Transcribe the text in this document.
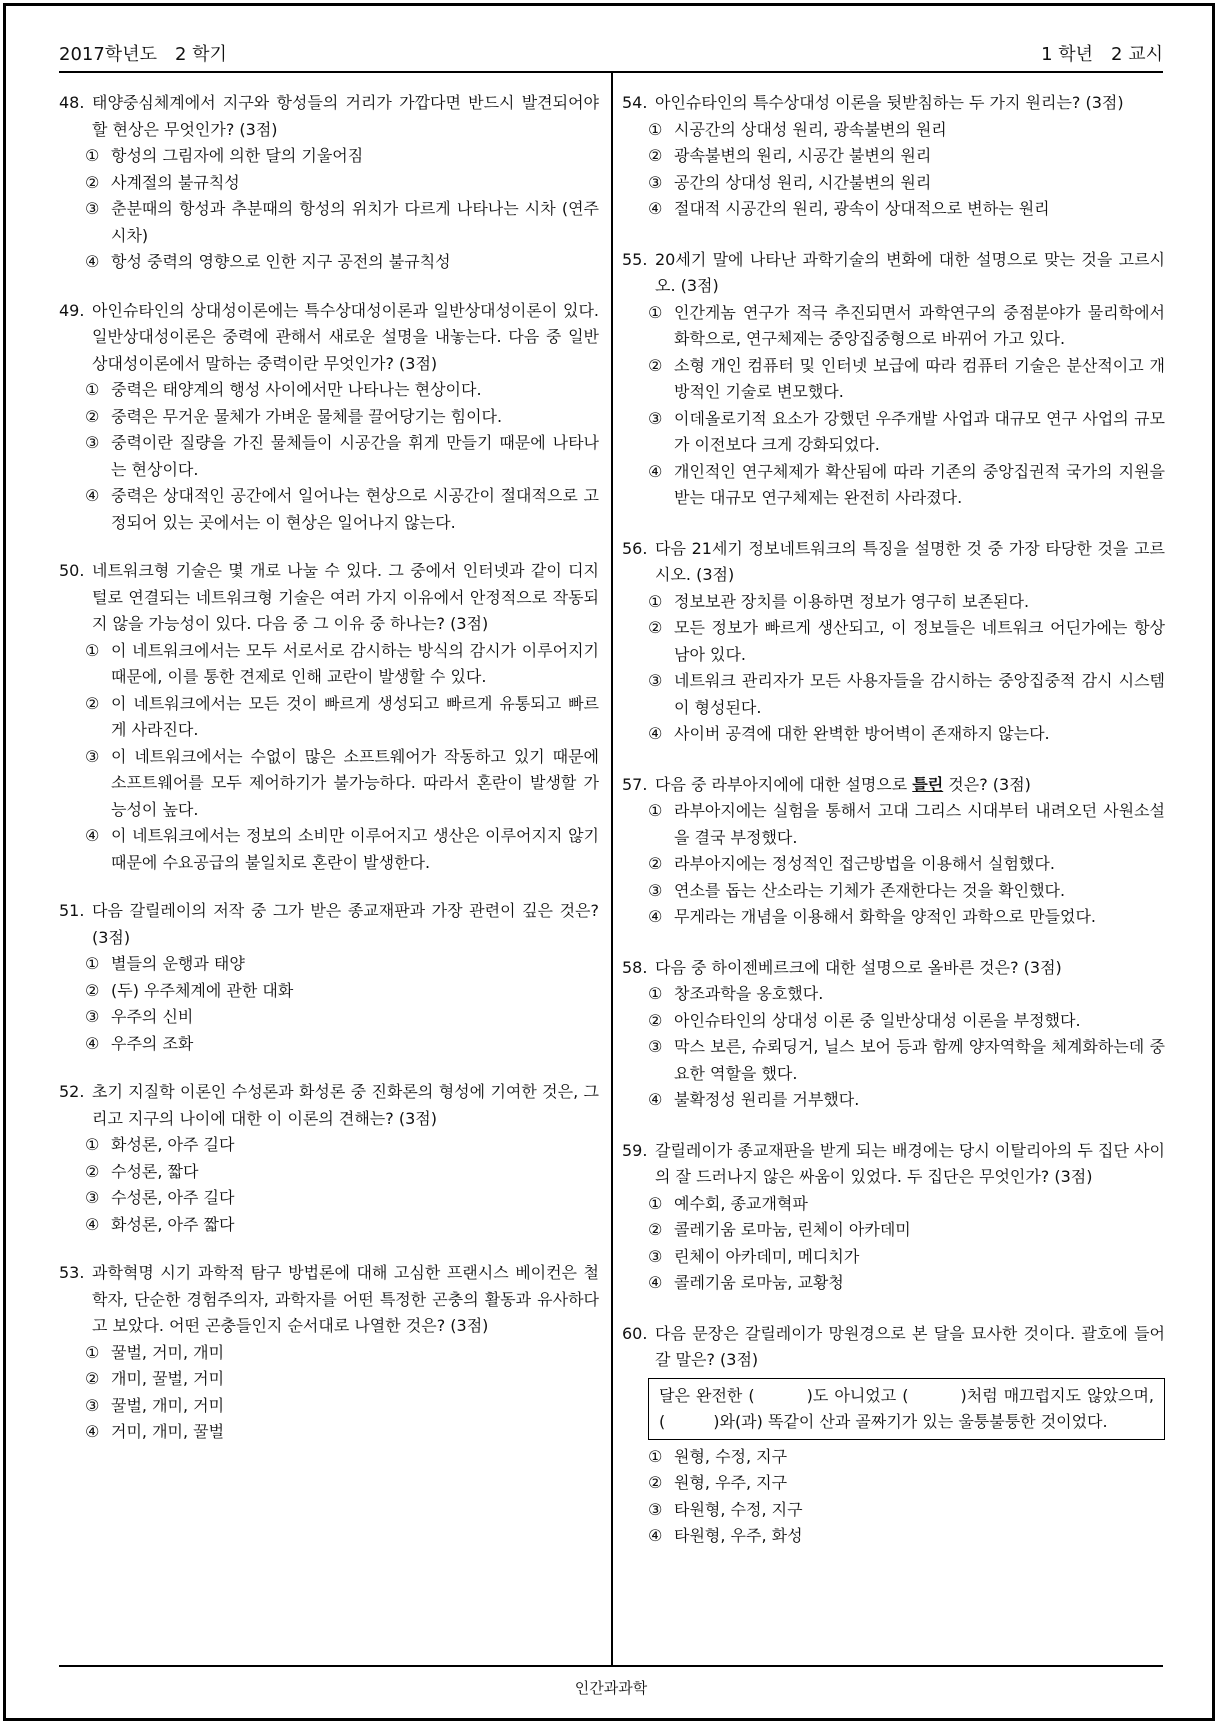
2017학년도 2 학기	1 학년 2 교시
48. 태양중심체계에서 지구와 항성들의 거리가 가깝다면 반드시 발견되어야 할 현상은 무엇인가? (3점)
① 항성의 그림자에 의한 달의 기울어짐
② 사계절의 불규칙성
③ 춘분때의 항성과 추분때의 항성의 위치가 다르게 나타나는 시차 (연주시차)
④ 항성 중력의 영향으로 인한 지구 공전의 불규칙성
49. 아인슈타인의 상대성이론에는 특수상대성이론과 일반상대성이론이 있다. 일반상대성이론은 중력에 관해서 새로운 설명을 내놓는다. 다음 중 일반상대성이론에서 말하는 중력이란 무엇인가? (3점)
① 중력은 태양계의 행성 사이에서만 나타나는 현상이다.
② 중력은 무거운 물체가 가벼운 물체를 끌어당기는 힘이다.
③ 중력이란 질량을 가진 물체들이 시공간을 휘게 만들기 때문에 나타나는 현상이다.
④ 중력은 상대적인 공간에서 일어나는 현상으로 시공간이 절대적으로 고정되어 있는 곳에서는 이 현상은 일어나지 않는다.
50. 네트워크형 기술은 몇 개로 나눌 수 있다. 그 중에서 인터넷과 같이 디지털로 연결되는 네트워크형 기술은 여러 가지 이유에서 안정적으로 작동되지 않을 가능성이 있다. 다음 중 그 이유 중 하나는? (3점)
① 이 네트워크에서는 모두 서로서로 감시하는 방식의 감시가 이루어지기 때문에, 이를 통한 견제로 인해 교란이 발생할 수 있다.
② 이 네트워크에서는 모든 것이 빠르게 생성되고 빠르게 유통되고 빠르게 사라진다.
③ 이 네트워크에서는 수없이 많은 소프트웨어가 작동하고 있기 때문에 소프트웨어를 모두 제어하기가 불가능하다. 따라서 혼란이 발생할 가능성이 높다.
④ 이 네트워크에서는 정보의 소비만 이루어지고 생산은 이루어지지 않기 때문에 수요공급의 불일치로 혼란이 발생한다.
51. 다음 갈릴레이의 저작 중 그가 받은 종교재판과 가장 관련이 깊은 것은? (3점)
① 별들의 운행과 태양
② (두) 우주체계에 관한 대화
③ 우주의 신비
④ 우주의 조화
52. 초기 지질학 이론인 수성론과 화성론 중 진화론의 형성에 기여한 것은, 그리고 지구의 나이에 대한 이 이론의 견해는? (3점)
① 화성론, 아주 길다
② 수성론, 짧다
③ 수성론, 아주 길다
④ 화성론, 아주 짧다
53. 과학혁명 시기 과학적 탐구 방법론에 대해 고심한 프랜시스 베이컨은 철학자, 단순한 경험주의자, 과학자를 어떤 특정한 곤충의 활동과 유사하다고 보았다. 어떤 곤충들인지 순서대로 나열한 것은? (3점)
① 꿀벌, 거미, 개미
② 개미, 꿀벌, 거미
③ 꿀벌, 개미, 거미
④ 거미, 개미, 꿀벌
54. 아인슈타인의 특수상대성 이론을 뒷받침하는 두 가지 원리는? (3점)
① 시공간의 상대성 원리, 광속불변의 원리
② 광속불변의 원리, 시공간 불변의 원리
③ 공간의 상대성 원리, 시간불변의 원리
④ 절대적 시공간의 원리, 광속이 상대적으로 변하는 원리
55. 20세기 말에 나타난 과학기술의 변화에 대한 설명으로 맞는 것을 고르시오. (3점)
① 인간게놈 연구가 적극 추진되면서 과학연구의 중점분야가 물리학에서 화학으로, 연구체제는 중앙집중형으로 바뀌어 가고 있다.
② 소형 개인 컴퓨터 및 인터넷 보급에 따라 컴퓨터 기술은 분산적이고 개방적인 기술로 변모했다.
③ 이데올로기적 요소가 강했던 우주개발 사업과 대규모 연구 사업의 규모가 이전보다 크게 강화되었다.
④ 개인적인 연구체제가 확산됨에 따라 기존의 중앙집권적 국가의 지원을 받는 대규모 연구체제는 완전히 사라졌다.
56. 다음 21세기 정보네트워크의 특징을 설명한 것 중 가장 타당한 것을 고르시오. (3점)
① 정보보관 장치를 이용하면 정보가 영구히 보존된다.
② 모든 정보가 빠르게 생산되고, 이 정보들은 네트워크 어딘가에는 항상 남아 있다.
③ 네트워크 관리자가 모든 사용자들을 감시하는 중앙집중적 감시 시스템이 형성된다.
④ 사이버 공격에 대한 완벽한 방어벽이 존재하지 않는다.
57. 다음 중 라부아지에에 대한 설명으로 틀린 것은? (3점)
① 라부아지에는 실험을 통해서 고대 그리스 시대부터 내려오던 사원소설을 결국 부정했다.
② 라부아지에는 정성적인 접근방법을 이용해서 실험했다.
③ 연소를 돕는 산소라는 기체가 존재한다는 것을 확인했다.
④ 무게라는 개념을 이용해서 화학을 양적인 과학으로 만들었다.
58. 다음 중 하이젠베르크에 대한 설명으로 올바른 것은? (3점)
① 창조과학을 옹호했다.
② 아인슈타인의 상대성 이론 중 일반상대성 이론을 부정했다.
③ 막스 보른, 슈뢰딩거, 닐스 보어 등과 함께 양자역학을 체계화하는데 중요한 역할을 했다.
④ 불확정성 원리를 거부했다.
59. 갈릴레이가 종교재판을 받게 되는 배경에는 당시 이탈리아의 두 집단 사이의 잘 드러나지 않은 싸움이 있었다. 두 집단은 무엇인가? (3점)
① 예수회, 종교개혁파
② 콜레기움 로마눔, 린체이 아카데미
③ 린체이 아카데미, 메디치가
④ 콜레기움 로마눔, 교황청
60. 다음 문장은 갈릴레이가 망원경으로 본 달을 묘사한 것이다. 괄호에 들어갈 말은? (3점)
달은 완전한 (　　　)도 아니었고 (　　　)처럼 매끄럽지도 않았으며, (　　　)와(과) 똑같이 산과 골짜기가 있는 울퉁불퉁한 것이었다.
① 원형, 수정, 지구
② 원형, 우주, 지구
③ 타원형, 수정, 지구
④ 타원형, 우주, 화성
인간과과학
